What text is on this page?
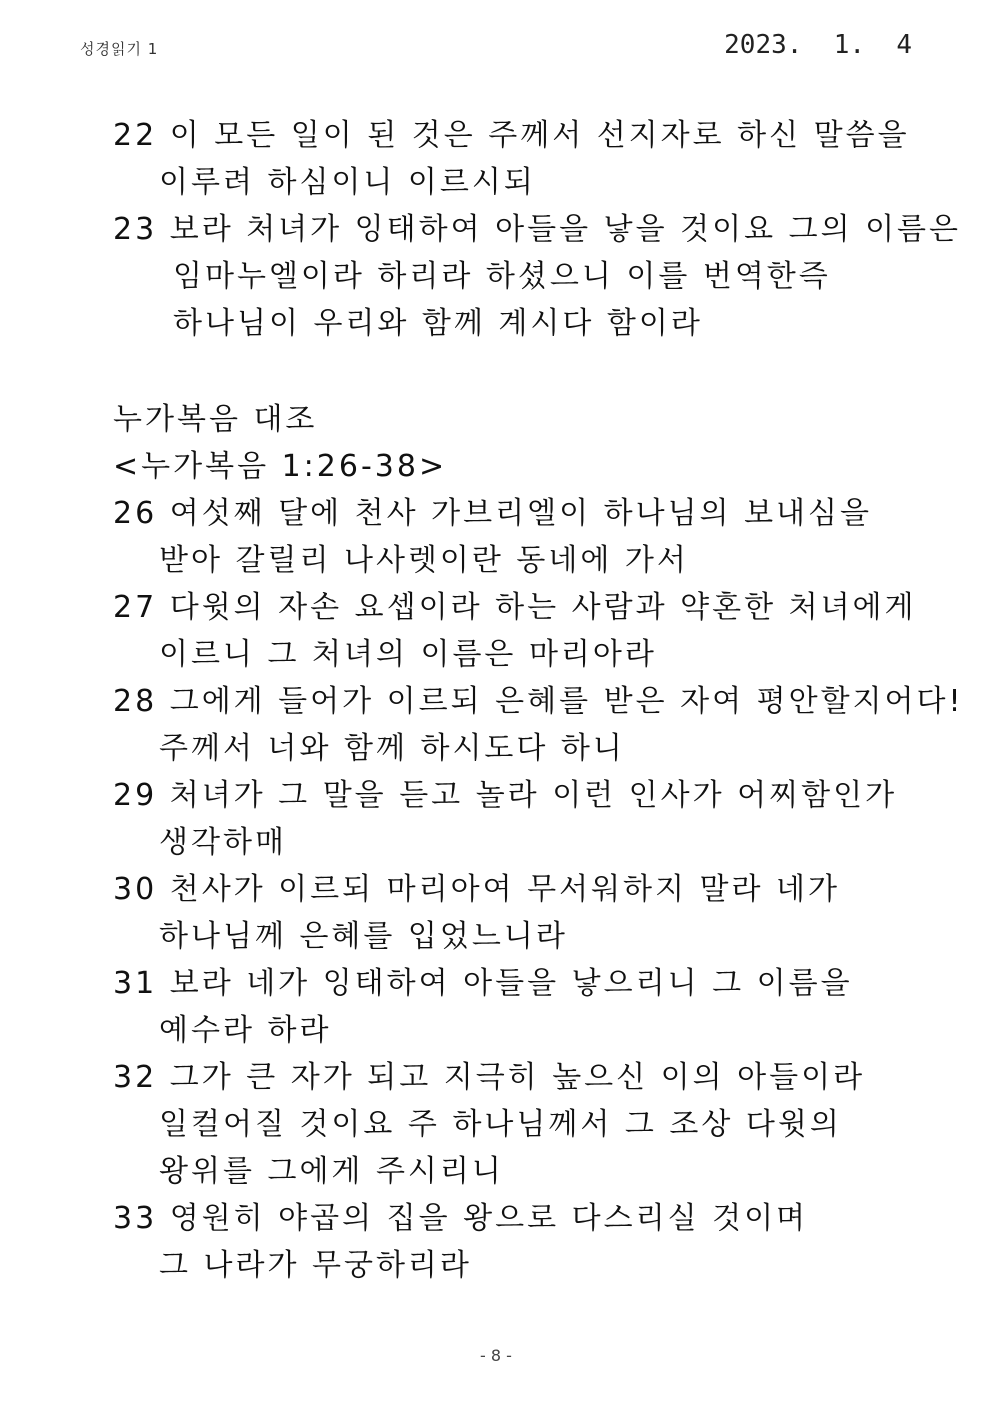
성경읽기 1	2023.  1.  4
22 이 모든 일이 된 것은 주께서 선지자로 하신 말씀을
이루려 하심이니 이르시되
23 보라 처녀가 잉태하여 아들을 낳을 것이요 그의 이름은
임마누엘이라 하리라 하셨으니 이를 번역한즉
하나님이 우리와 함께 계시다 함이라
누가복음 대조
<누가복음 1:26-38>
26 여섯째 달에 천사 가브리엘이 하나님의 보내심을
받아 갈릴리 나사렛이란 동네에 가서
27 다윗의 자손 요셉이라 하는 사람과 약혼한 처녀에게
이르니 그 처녀의 이름은 마리아라
28 그에게 들어가 이르되 은혜를 받은 자여 평안할지어다!
주께서 너와 함께 하시도다 하니
29 처녀가 그 말을 듣고 놀라 이런 인사가 어찌함인가
생각하매
30 천사가 이르되 마리아여 무서워하지 말라 네가
하나님께 은혜를 입었느니라
31 보라 네가 잉태하여 아들을 낳으리니 그 이름을
예수라 하라
32 그가 큰 자가 되고 지극히 높으신 이의 아들이라
일컬어질 것이요 주 하나님께서 그 조상 다윗의
왕위를 그에게 주시리니
33 영원히 야곱의 집을 왕으로 다스리실 것이며
그 나라가 무궁하리라
- 8 -
